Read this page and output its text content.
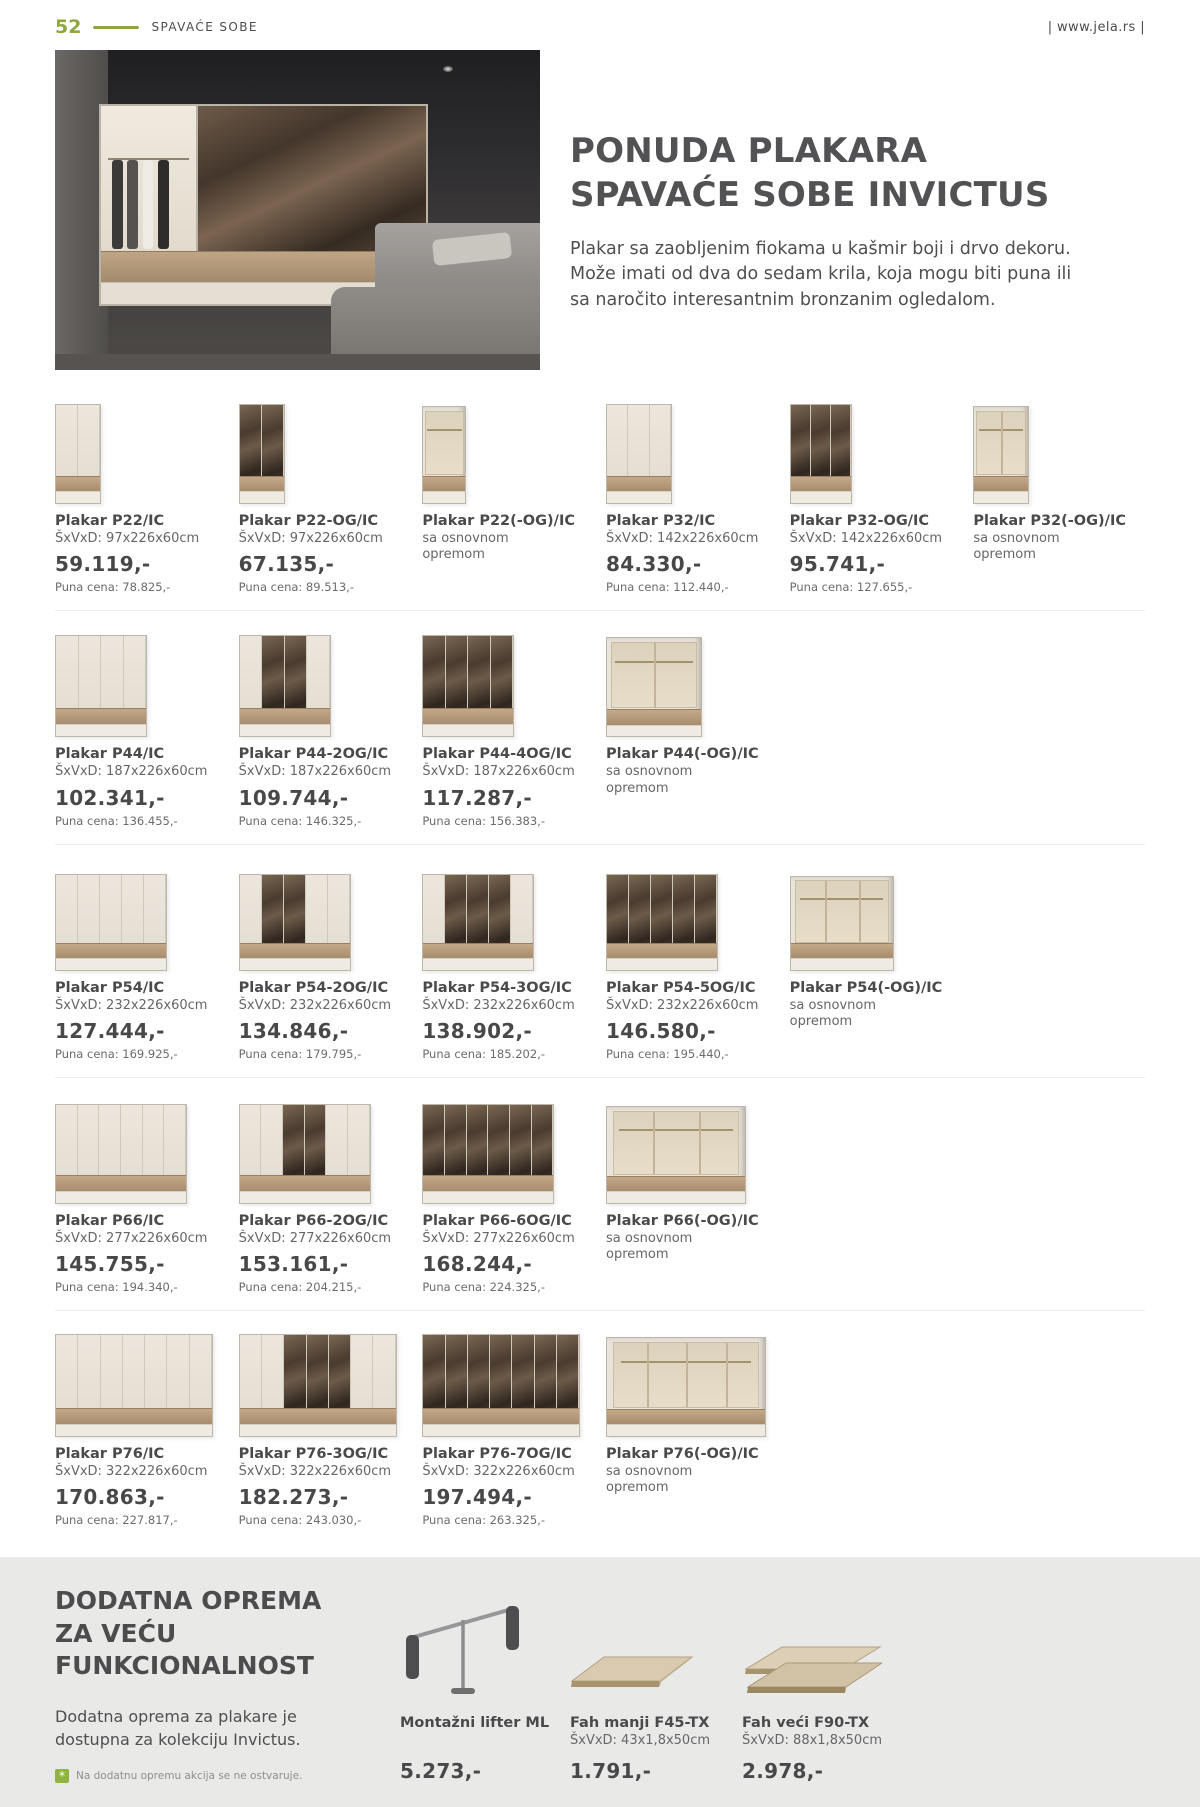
52	SPAVAĆE SOBE	| www.jela.rs |
PONUDA PLAKARA
SPAVAĆE SOBE INVICTUS

Plakar sa zaobljenim fiokama u kašmir boji i drvo dekoru. Može imati od dva do sedam krila, koja mogu biti puna ili sa naročito interesantnim bronzanim ogledalom.

Plakar P22/IC
ŠxVxD: 97x226x60cm
59.119,-
Puna cena: 78.825,-
Plakar P22-OG/IC
ŠxVxD: 97x226x60cm
67.135,-
Puna cena: 89.513,-
Plakar P22(-OG)/IC
sa osnovnom opremom
Plakar P32/IC
ŠxVxD: 142x226x60cm
84.330,-
Puna cena: 112.440,-
Plakar P32-OG/IC
ŠxVxD: 142x226x60cm
95.741,-
Puna cena: 127.655,-
Plakar P32(-OG)/IC
sa osnovnom opremom
Plakar P44/IC
ŠxVxD: 187x226x60cm
102.341,-
Puna cena: 136.455,-
Plakar P44-2OG/IC
ŠxVxD: 187x226x60cm
109.744,-
Puna cena: 146.325,-
Plakar P44-4OG/IC
ŠxVxD: 187x226x60cm
117.287,-
Puna cena: 156.383,-
Plakar P44(-OG)/IC
sa osnovnom opremom
Plakar P54/IC
ŠxVxD: 232x226x60cm
127.444,-
Puna cena: 169.925,-
Plakar P54-2OG/IC
ŠxVxD: 232x226x60cm
134.846,-
Puna cena: 179.795,-
Plakar P54-3OG/IC
ŠxVxD: 232x226x60cm
138.902,-
Puna cena: 185.202,-
Plakar P54-5OG/IC
ŠxVxD: 232x226x60cm
146.580,-
Puna cena: 195.440,-
Plakar P54(-OG)/IC
sa osnovnom opremom
Plakar P66/IC
ŠxVxD: 277x226x60cm
145.755,-
Puna cena: 194.340,-
Plakar P66-2OG/IC
ŠxVxD: 277x226x60cm
153.161,-
Puna cena: 204.215,-
Plakar P66-6OG/IC
ŠxVxD: 277x226x60cm
168.244,-
Puna cena: 224.325,-
Plakar P66(-OG)/IC
sa osnovnom opremom
Plakar P76/IC
ŠxVxD: 322x226x60cm
170.863,-
Puna cena: 227.817,-
Plakar P76-3OG/IC
ŠxVxD: 322x226x60cm
182.273,-
Puna cena: 243.030,-
Plakar P76-7OG/IC
ŠxVxD: 322x226x60cm
197.494,-
Puna cena: 263.325,-
Plakar P76(-OG)/IC
sa osnovnom opremom
DODATNA OPREMA
ZA VEĆU FUNKCIONALNOST

Dodatna oprema za plakare je dostupna za kolekciju Invictus.

*	Na dodatnu opremu akcija se ne ostvaruje.
Montažni lifter ML
5.273,-
Fah manji F45-TX
ŠxVxD: 43x1,8x50cm
1.791,-
Fah veći F90-TX
ŠxVxD: 88x1,8x50cm
2.978,-
